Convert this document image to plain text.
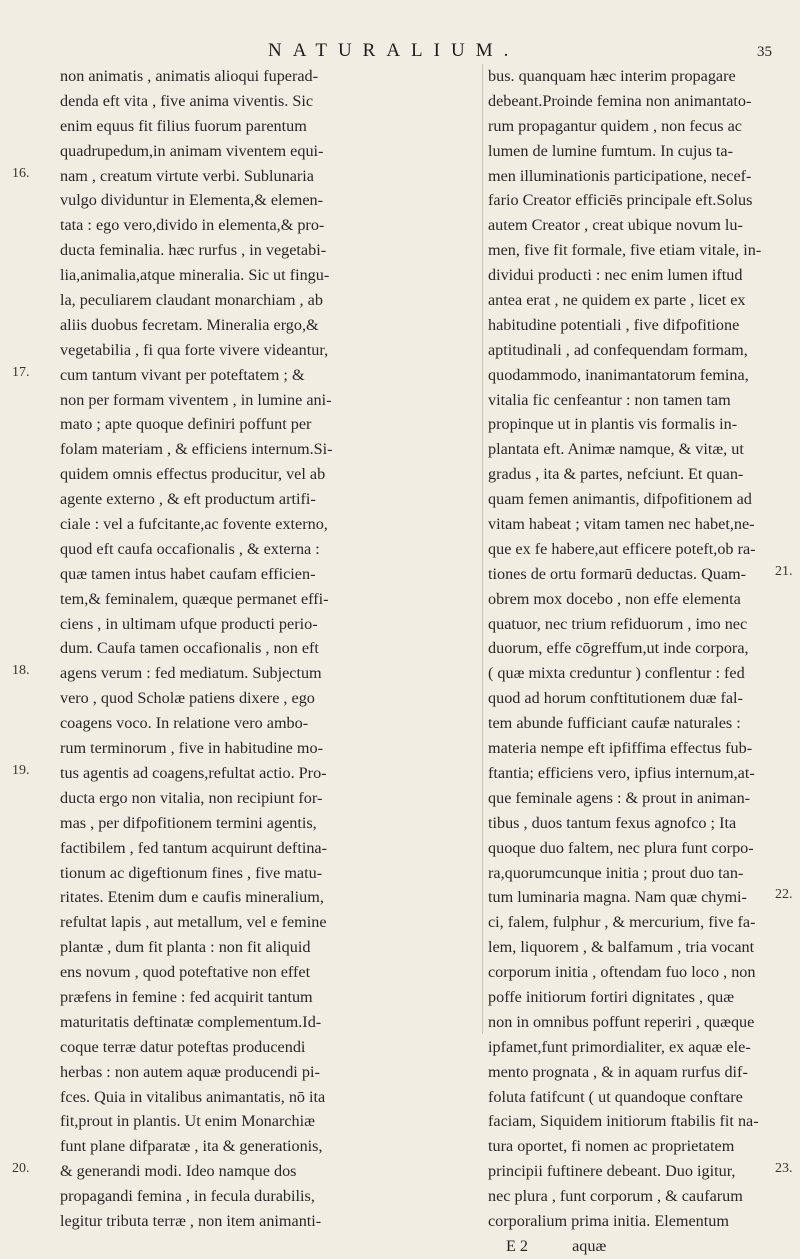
NATURALIUM.	35
non animatis , animatis alioqui fuperad-
denda eft vita , five anima viventis. Sic
enim equus fit filius fuorum parentum
quadrupedum,in animam viventem equi-
nam , creatum virtute verbi. Sublunaria
vulgo dividuntur in Elementa,& elemen-
tata : ego vero,divido in elementa,& pro-
ducta feminalia. hæc rurfus , in vegetabi-
lia,animalia,atque mineralia. Sic ut fingu-
la, peculiarem claudant monarchiam , ab
aliis duobus fecretam. Mineralia ergo,&
vegetabilia , fi qua forte vivere videantur,
cum tantum vivant per poteftatem ; &
non per formam viventem , in lumine ani-
mato ; apte quoque definiri poffunt per
folam materiam , & efficiens internum.Si-
quidem omnis effectus producitur, vel ab
agente externo , & eft productum artifi-
ciale : vel a fufcitante,ac fovente externo,
quod eft caufa occafionalis , & externa :
quæ tamen intus habet caufam efficien-
tem,& feminalem, quæque permanet effi-
ciens , in ultimam ufque producti perio-
dum. Caufa tamen occafionalis , non eft
agens verum : fed mediatum. Subjectum
vero , quod Scholæ patiens dixere , ego
coagens voco. In relatione vero ambo-
rum terminorum , five in habitudine mo-
tus agentis ad coagens,refultat actio. Pro-
ducta ergo non vitalia, non recipiunt for-
mas , per difpofitionem termini agentis,
factibilem , fed tantum acquirunt deftina-
tionum ac digeftionum fines , five matu-
ritates. Etenim dum e caufis mineralium,
refultat lapis , aut metallum, vel e femine
plantæ , dum fit planta : non fit aliquid
ens novum , quod poteftative non effet
præfens in femine : fed acquirit tantum
maturitatis deftinatæ complementum.Id-
coque terræ datur poteftas producendi
herbas : non autem aquæ producendi pi-
fces. Quia in vitalibus animantatis, nō ita
fit,prout in plantis. Ut enim Monarchiæ
funt plane difparatæ , ita & generationis,
& generandi modi. Ideo namque dos
propagandi femina , in fecula durabilis,
legitur tributa terræ , non item animanti-
bus. quanquam hæc interim propagare
debeant.Proinde femina non animantato-
rum propagantur quidem , non fecus ac
lumen de lumine fumtum. In cujus ta-
men illuminationis participatione, necef-
fario Creator efficiēs principale eft.Solus
autem Creator , creat ubique novum lu-
men, five fit formale, five etiam vitale, in-
dividui producti : nec enim lumen iftud
antea erat , ne quidem ex parte , licet ex
habitudine potentiali , five difpofitione
aptitudinali , ad confequendam formam,
quodammodo, inanimantatorum femina,
vitalia fic cenfeantur : non tamen tam
propinque ut in plantis vis formalis in-
plantata eft. Animæ namque, & vitæ, ut
gradus , ita & partes, nefciunt. Et quan-
quam femen animantis, difpofitionem ad
vitam habeat ; vitam tamen nec habet,ne-
que ex fe habere,aut efficere poteft,ob ra-
tiones de ortu formarū deductas. Quam-
obrem mox docebo , non effe elementa
quatuor, nec trium refiduorum , imo nec
duorum, effe cōgreffum,ut inde corpora,
( quæ mixta creduntur ) conflentur : fed
quod ad horum conftitutionem duæ fal-
tem abunde fufficiant caufæ naturales :
materia nempe eft ipfiffima effectus fub-
ftantia; efficiens vero, ipfius internum,at-
que feminale agens : & prout in animan-
tibus , duos tantum fexus agnofco ; Ita
quoque duo faltem, nec plura funt corpo-
ra,quorumcunque initia ; prout duo tan-
tum luminaria magna. Nam quæ chymi-
ci, falem, fulphur , & mercurium, five fa-
lem, liquorem , & balfamum , tria vocant
corporum initia , oftendam fuo loco , non
poffe initiorum fortiri dignitates , quæ
non in omnibus poffunt reperiri , quæque
ipfamet,funt primordialiter, ex aquæ ele-
mento prognata , & in aquam rurfus dif-
foluta fatifcunt ( ut quandoque conftare
faciam, Siquidem initiorum ftabilis fit na-
tura oportet, fi nomen ac proprietatem
principii fuftinere debeant. Duo igitur,
nec plura , funt corporum , & caufarum
corporalium prima initia. Elementum
E 2	aquæ
16.
17.
18.
19.
20.
21.
22.
23.
